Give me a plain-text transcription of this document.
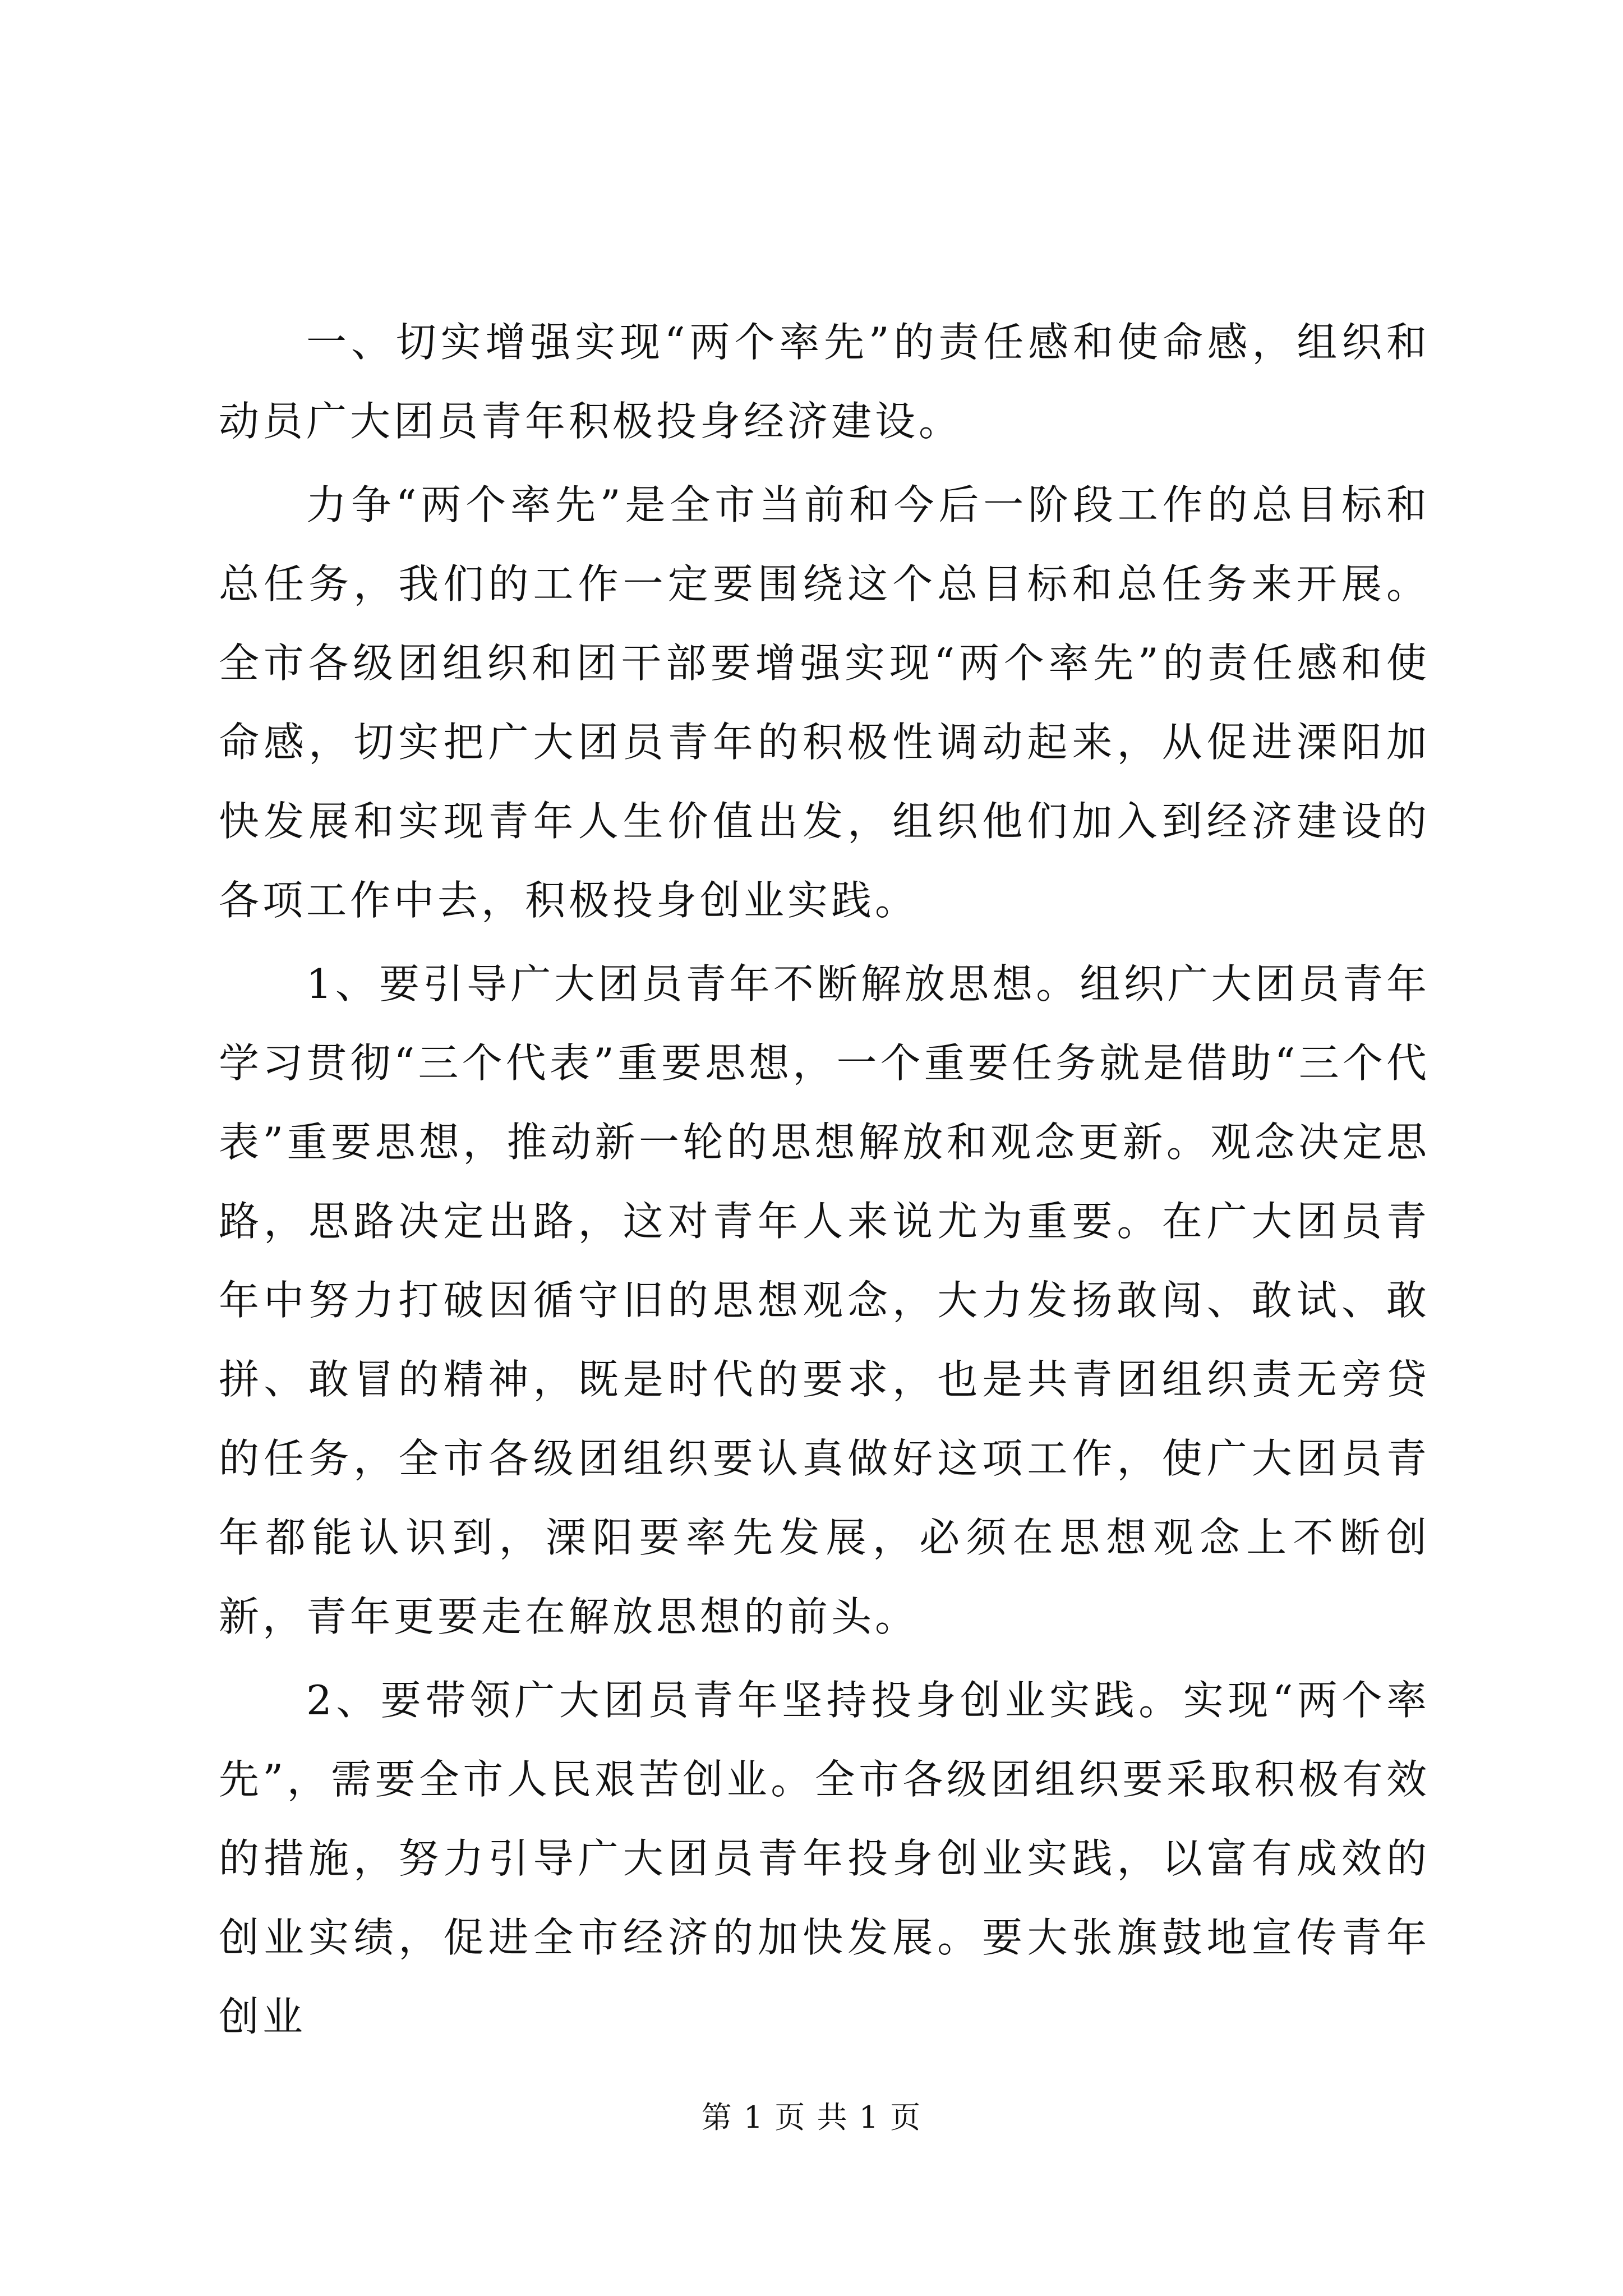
一、切实增强实现“两个率先”的责任感和使命感，组织和动员广大团员青年积极投身经济建设。

力争“两个率先”是全市当前和今后一阶段工作的总目标和总任务，我们的工作一定要围绕这个总目标和总任务来开展。全市各级团组织和团干部要增强实现“两个率先”的责任感和使命感，切实把广大团员青年的积极性调动起来，从促进溧阳加快发展和实现青年人生价值出发，组织他们加入到经济建设的各项工作中去，积极投身创业实践。

1、要引导广大团员青年不断解放思想。组织广大团员青年学习贯彻“三个代表”重要思想，一个重要任务就是借助“三个代表”重要思想，推动新一轮的思想解放和观念更新。观念决定思路，思路决定出路，这对青年人来说尤为重要。在广大团员青年中努力打破因循守旧的思想观念，大力发扬敢闯、敢试、敢拼、敢冒的精神，既是时代的要求，也是共青团组织责无旁贷的任务，全市各级团组织要认真做好这项工作，使广大团员青年都能认识到，溧阳要率先发展，必须在思想观念上不断创新，青年更要走在解放思想的前头。

2、要带领广大团员青年坚持投身创业实践。实现“两个率先”，需要全市人民艰苦创业。全市各级团组织要采取积极有效的措施，努力引导广大团员青年投身创业实践，以富有成效的创业实绩，促进全市经济的加快发展。要大张旗鼓地宣传青年创业

第 1 页 共 1 页
